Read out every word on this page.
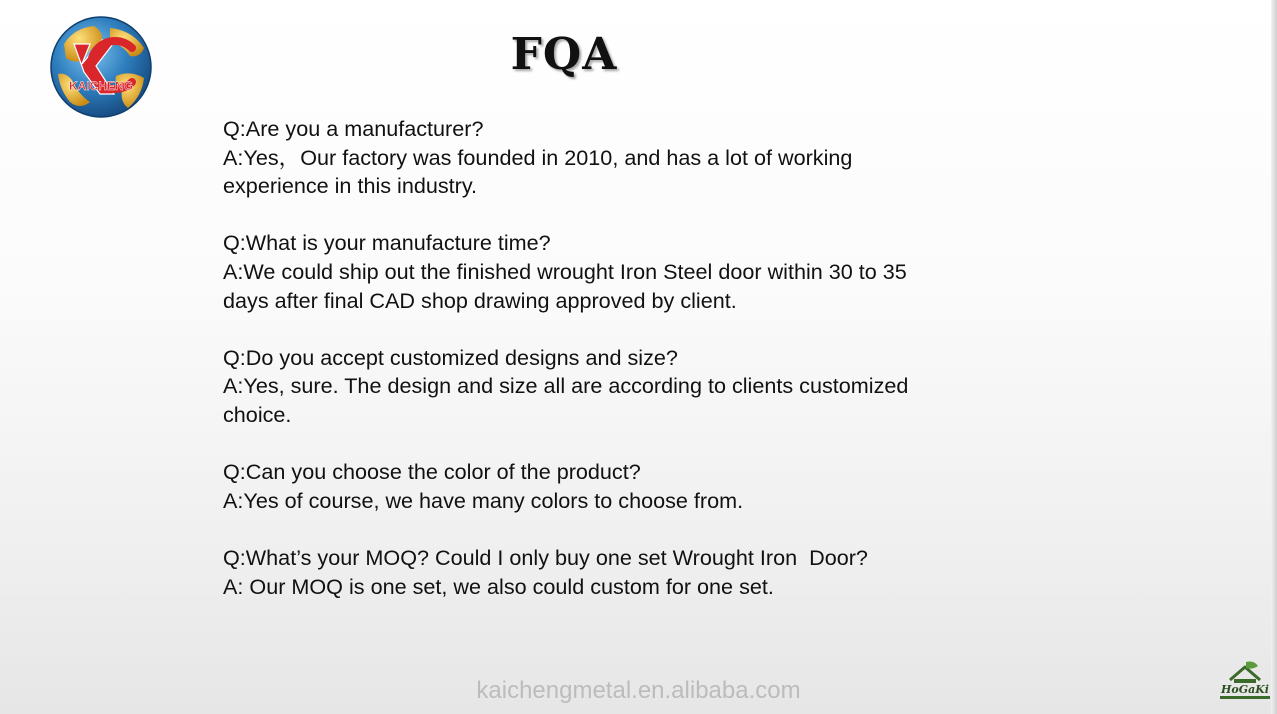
KAICHENG
FQA
Q:Are you a manufacturer?
A:Yes，Our factory was founded in 2010, and has a lot of working
experience in this industry.
Q:What is your manufacture time?
A:We could ship out the finished wrought Iron Steel door within 30 to 35
days after final CAD shop drawing approved by client.
Q:Do you accept customized designs and size?
A:Yes, sure. The design and size all are according to clients customized
choice.
Q:Can you choose the color of the product?
A:Yes of course, we have many colors to choose from.
Q:What’s your MOQ? Could I only buy one set Wrought Iron  Door?
A: Our MOQ is one set, we also could custom for one set.
kaichengmetal.en.alibaba.com	HoGaKi
